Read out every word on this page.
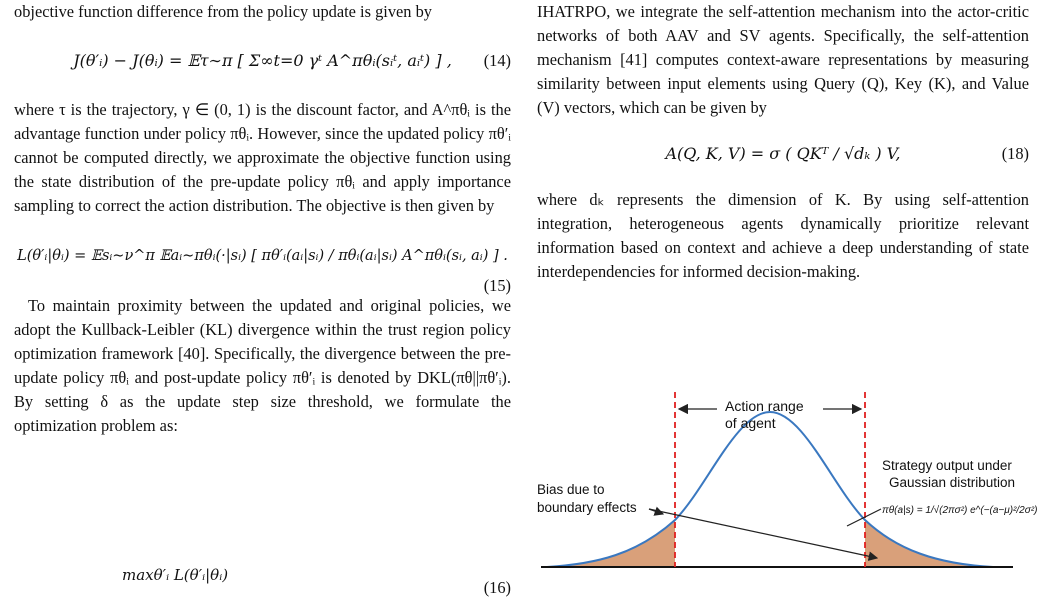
objective function difference from the policy update is given by

J(θ′ᵢ) − J(θᵢ) = 𝔼τ∼π [ Σ∞t=0 γᵗ A^πθᵢ(sᵢᵗ, aᵢᵗ) ] , (14)

where τ is the trajectory, γ ∈ (0, 1) is the discount factor, and A^πθᵢ is the advantage function under policy πθᵢ. However, since the updated policy πθ′ᵢ cannot be computed directly, we approximate the objective function using the state distribution of the pre-update policy πθᵢ and apply importance sampling to correct the action distribution. The objective is then given by

L(θ′ᵢ|θᵢ) = 𝔼sᵢ∼ν^π 𝔼aᵢ∼πθᵢ(·|sᵢ) [ πθ′ᵢ(aᵢ|sᵢ) / πθᵢ(aᵢ|sᵢ) A^πθᵢ(sᵢ, aᵢ) ] .
(15)

To maintain proximity between the updated and original policies, we adopt the Kullback-Leibler (KL) divergence within the trust region policy optimization framework [40]. Specifically, the divergence between the pre-update policy πθᵢ and post-update policy πθ′ᵢ is denoted by DKL(πθ||πθ′ᵢ). By setting δ as the update step size threshold, we formulate the optimization problem as:

maxθ′ᵢ L(θ′ᵢ|θᵢ)
(16)

IHATRPO, we integrate the self-attention mechanism into the actor-critic networks of both AAV and SV agents. Specifically, the self-attention mechanism [41] computes context-aware representations by measuring similarity between input elements using Query (Q), Key (K), and Value (V) vectors, which can be given by

A(Q, K, V) = σ ( QKᵀ / √dₖ ) V,	(18)

where dₖ represents the dimension of K. By using self-attention integration, heterogeneous agents dynamically prioritize relevant information based on context and achieve a deep understanding of state interdependencies for informed decision-making.

Action range
of agent
Strategy output under
Gaussian distribution
πθ(a|s) = 1/√(2πσ²) e^(−(a−μ)²/2σ²)
Bias due to
boundary effects
